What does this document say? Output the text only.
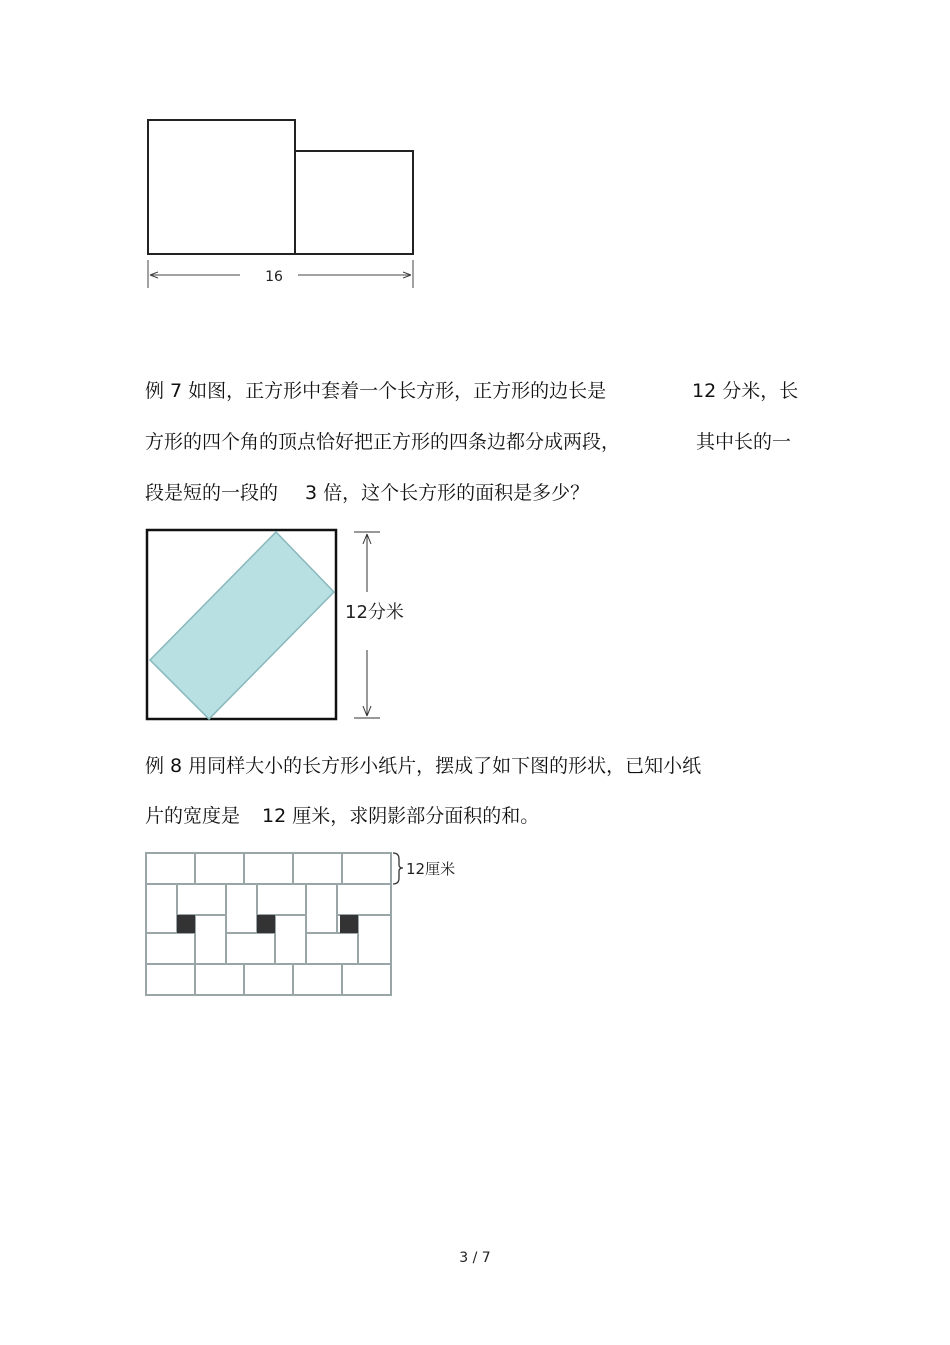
16
例 7 如图，正方形中套着一个长方形，正方形的边长是	12 分米，长
方形的四个角的顶点恰好把正方形的四条边都分成两段，	其中长的一
段是短的一段的 3 倍，这个长方形的面积是多少？
12分米
例 8 用同样大小的长方形小纸片，摆成了如下图的形状，已知小纸
片的宽度是 12 厘米，求阴影部分面积的和。
12厘米
3 / 7
